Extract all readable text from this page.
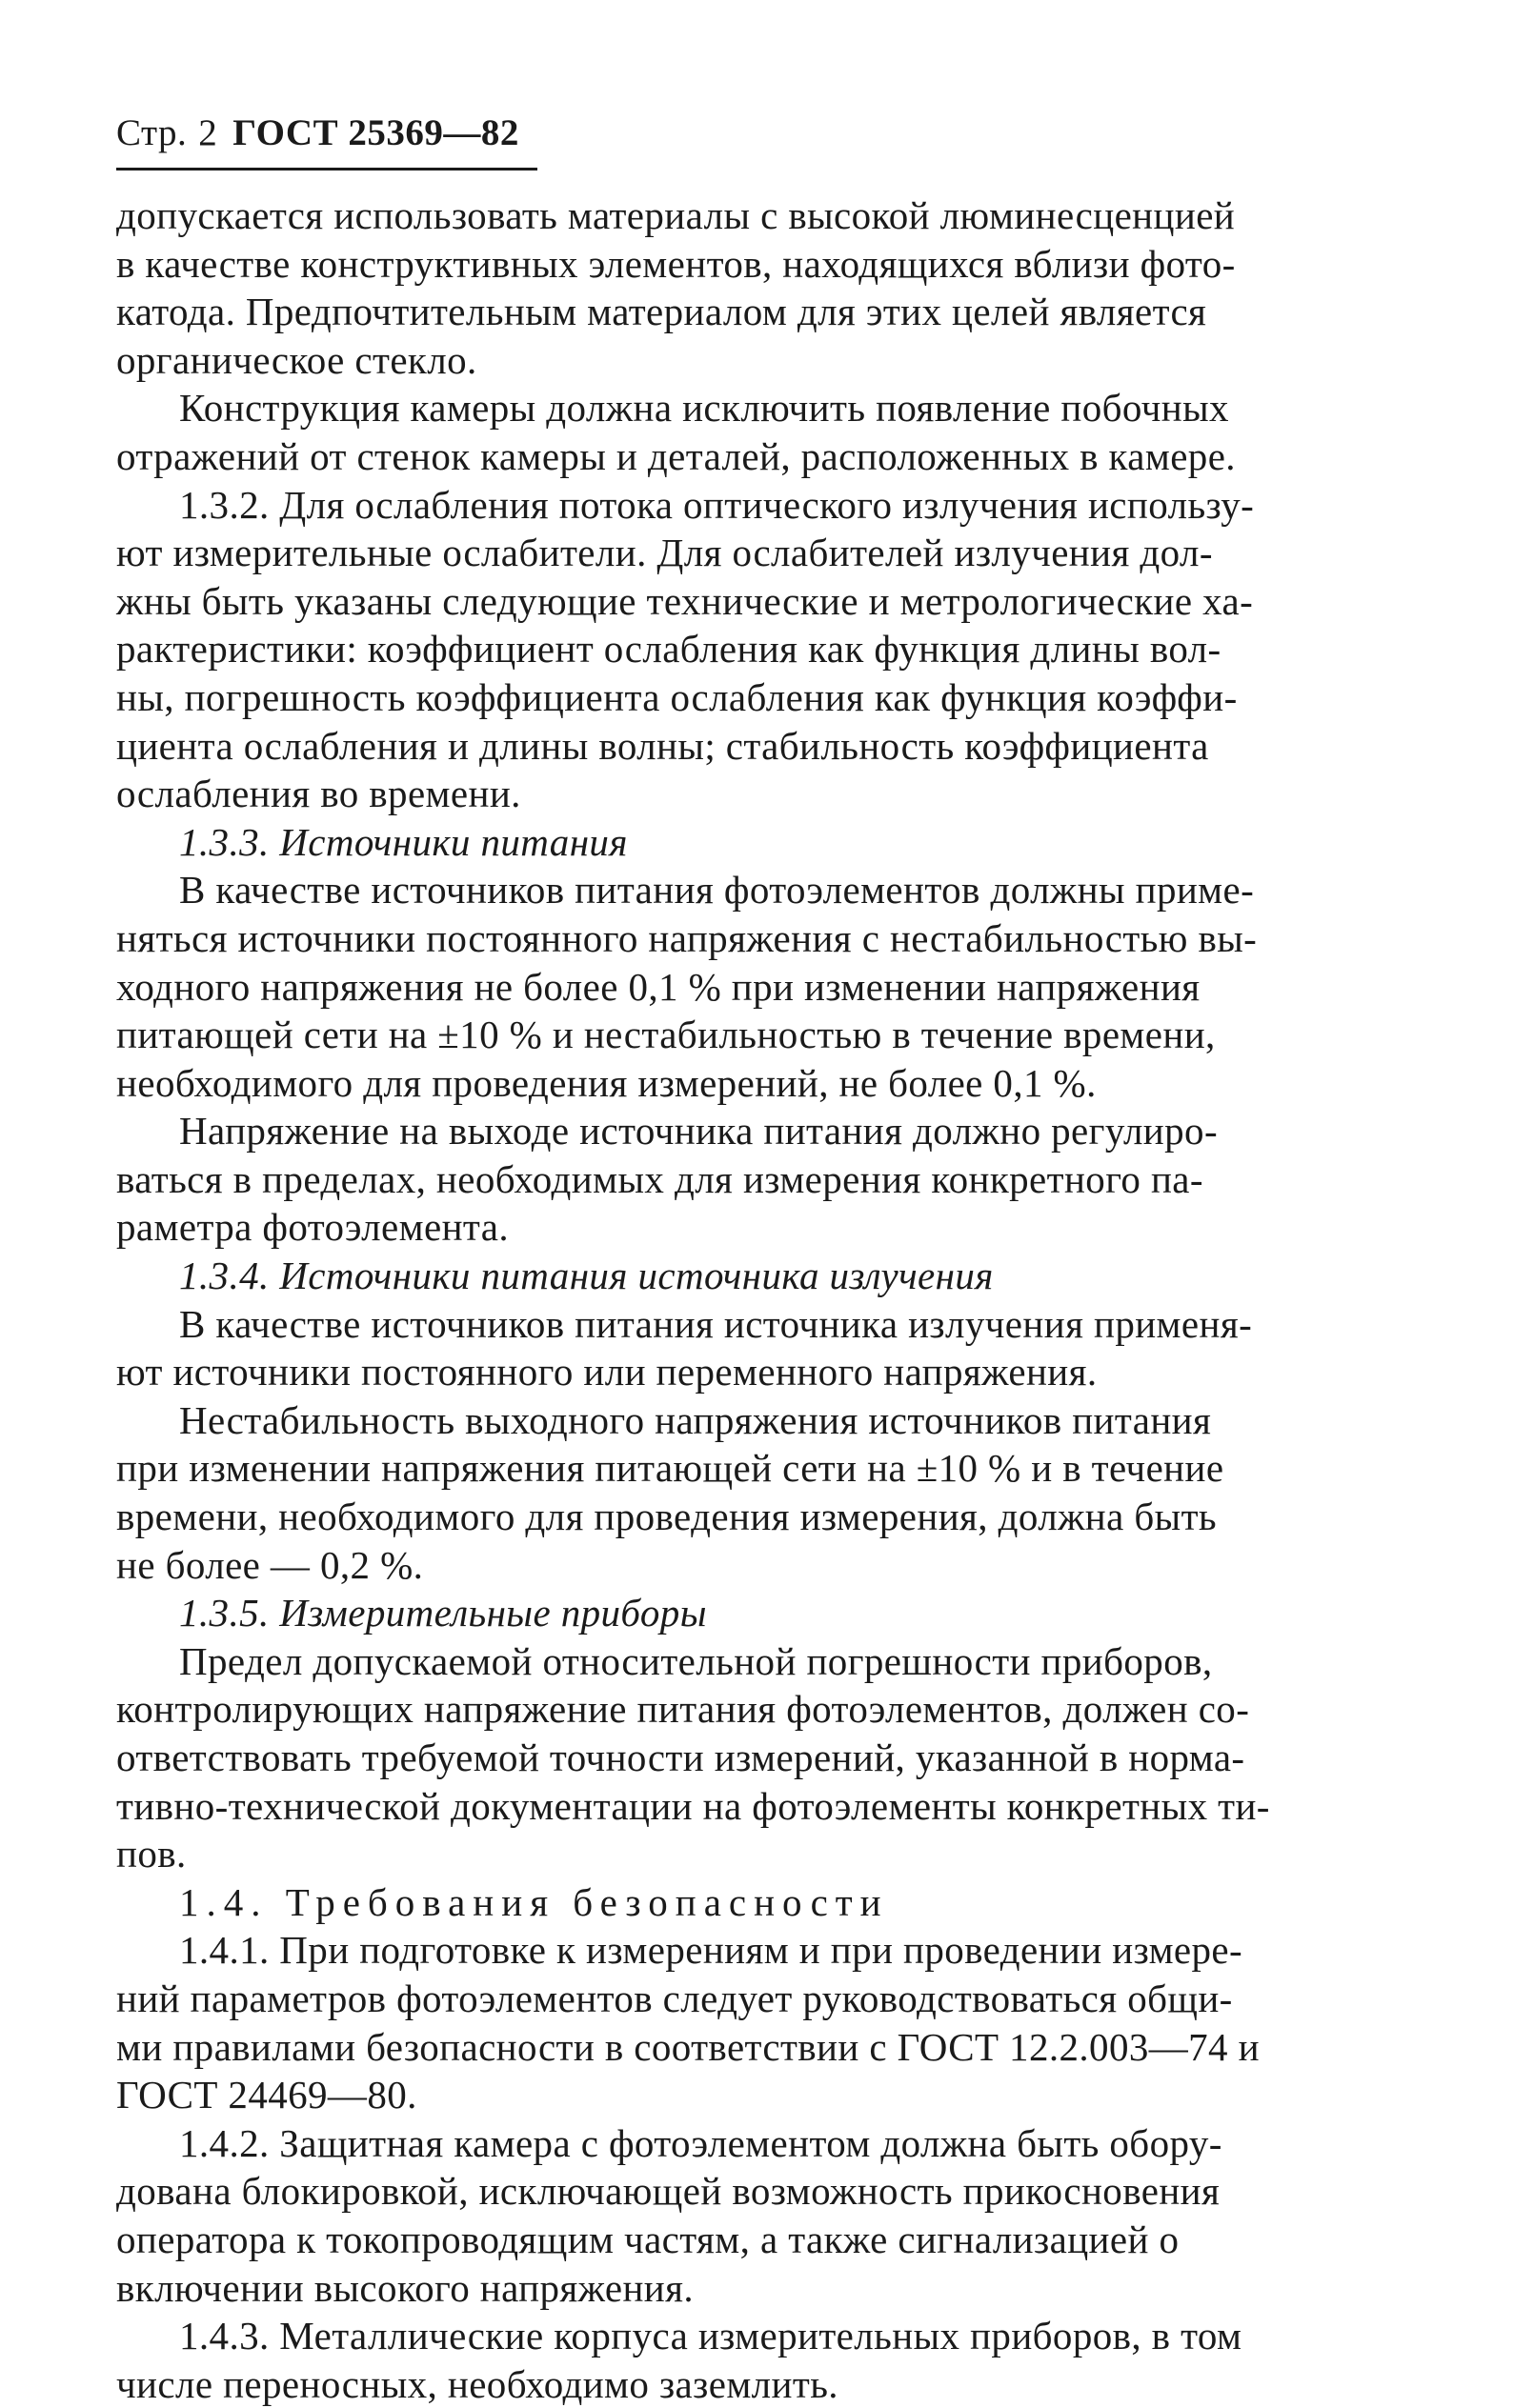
Стр. 2 ГОСТ 25369—82
допускается использовать материалы с высокой люминесценцией
в качестве конструктивных элементов, находящихся вблизи фото-
катода. Предпочтительным материалом для этих целей является
органическое стекло.
Конструкция камеры должна исключить появление побочных
отражений от стенок камеры и деталей, расположенных в камере.
1.3.2. Для ослабления потока оптического излучения использу-
ют измерительные ослабители. Для ослабителей излучения дол-
жны быть указаны следующие технические и метрологические ха-
рактеристики: коэффициент ослабления как функция длины вол-
ны, погрешность коэффициента ослабления как функция коэффи-
циента ослабления и длины волны; стабильность коэффициента
ослабления во времени.
1.3.3. Источники питания
В качестве источников питания фотоэлементов должны приме-
няться источники постоянного напряжения с нестабильностью вы-
ходного напряжения не более 0,1 % при изменении напряжения
питающей сети на ±10 % и нестабильностью в течение времени,
необходимого для проведения измерений, не более 0,1 %.
Напряжение на выходе источника питания должно регулиро-
ваться в пределах, необходимых для измерения конкретного па-
раметра фотоэлемента.
1.3.4. Источники питания источника излучения
В качестве источников питания источника излучения применя-
ют источники постоянного или переменного напряжения.
Нестабильность выходного напряжения источников питания
при изменении напряжения питающей сети на ±10 % и в течение
времени, необходимого для проведения измерения, должна быть
не более — 0,2 %.
1.3.5. Измерительные приборы
Предел допускаемой относительной погрешности приборов,
контролирующих напряжение питания фотоэлементов, должен со-
ответствовать требуемой точности измерений, указанной в норма-
тивно-технической документации на фотоэлементы конкретных ти-
пов.
1.4. Требования безопасности
1.4.1. При подготовке к измерениям и при проведении измере-
ний параметров фотоэлементов следует руководствоваться общи-
ми правилами безопасности в соответствии с ГОСТ 12.2.003—74 и
ГОСТ 24469—80.
1.4.2. Защитная камера с фотоэлементом должна быть обору-
дована блокировкой, исключающей возможность прикосновения
оператора к токопроводящим частям, а также сигнализацией о
включении высокого напряжения.
1.4.3. Металлические корпуса измерительных приборов, в том
числе переносных, необходимо заземлить.
